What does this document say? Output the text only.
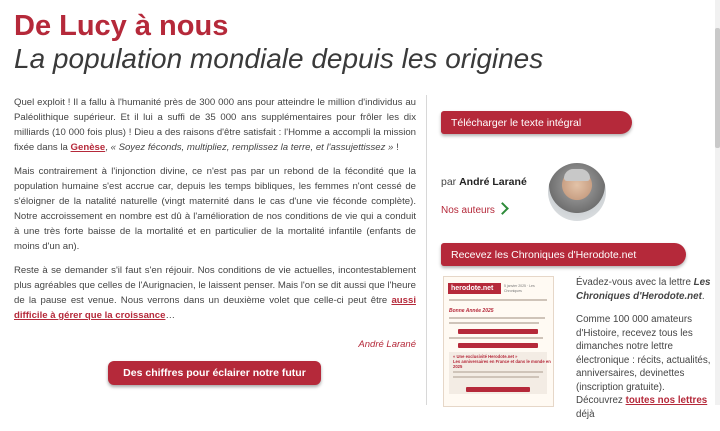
De Lucy à nous
La population mondiale depuis les origines

Quel exploit ! Il a fallu à l'humanité près de 300 000 ans pour atteindre le million d'individus au Paléolithique supérieur. Et il lui a suffi de 35 000 ans supplémentaires pour frôler les dix milliards (10 000 fois plus) ! Dieu a des raisons d'être satisfait : l'Homme a accompli la mission fixée dans la Genèse, « Soyez féconds, multipliez, remplissez la terre, et l'assujettissez » !

Mais contrairement à l'injonction divine, ce n'est pas par un rebond de la fécondité que la population humaine s'est accrue car, depuis les temps bibliques, les femmes n'ont cessé de s'éloigner de la natalité naturelle (vingt maternité dans le cas d'une vie féconde complète). Notre accroissement en nombre est dû à l'amélioration de nos conditions de vie qui a conduit à une très forte baisse de la mortalité et en particulier de la mortalité infantile (enfants de moins d'un an).

Reste à se demander s'il faut s'en réjouir. Nos conditions de vie actuelles, incontestablement plus agréables que celles de l'Aurignacien, le laissent penser. Mais l'on se dit aussi que l'heure de la pause est venue. Nous verrons dans un deuxième volet que celle-ci peut être aussi difficile à gérer que la croissance…

André Larané
Des chiffres pour éclairer notre futur
Télécharger le texte intégral
par André Larané
Nos auteurs
Recevez les Chroniques d'Herodote.net
herodote.net	5 janvier 2025 · Les Chroniques
Bonne Année 2025
« Une exclusivité Herodote.net »
Les anniversaires en France et dans le monde en 2025

Évadez-vous avec la lettre Les Chroniques d'Herodote.net.

Comme 100 000 amateurs d'Histoire, recevez tous les dimanches notre lettre électronique : récits, actualités, anniversaires, devinettes (inscription gratuite). Découvrez toutes nos lettres déjà
